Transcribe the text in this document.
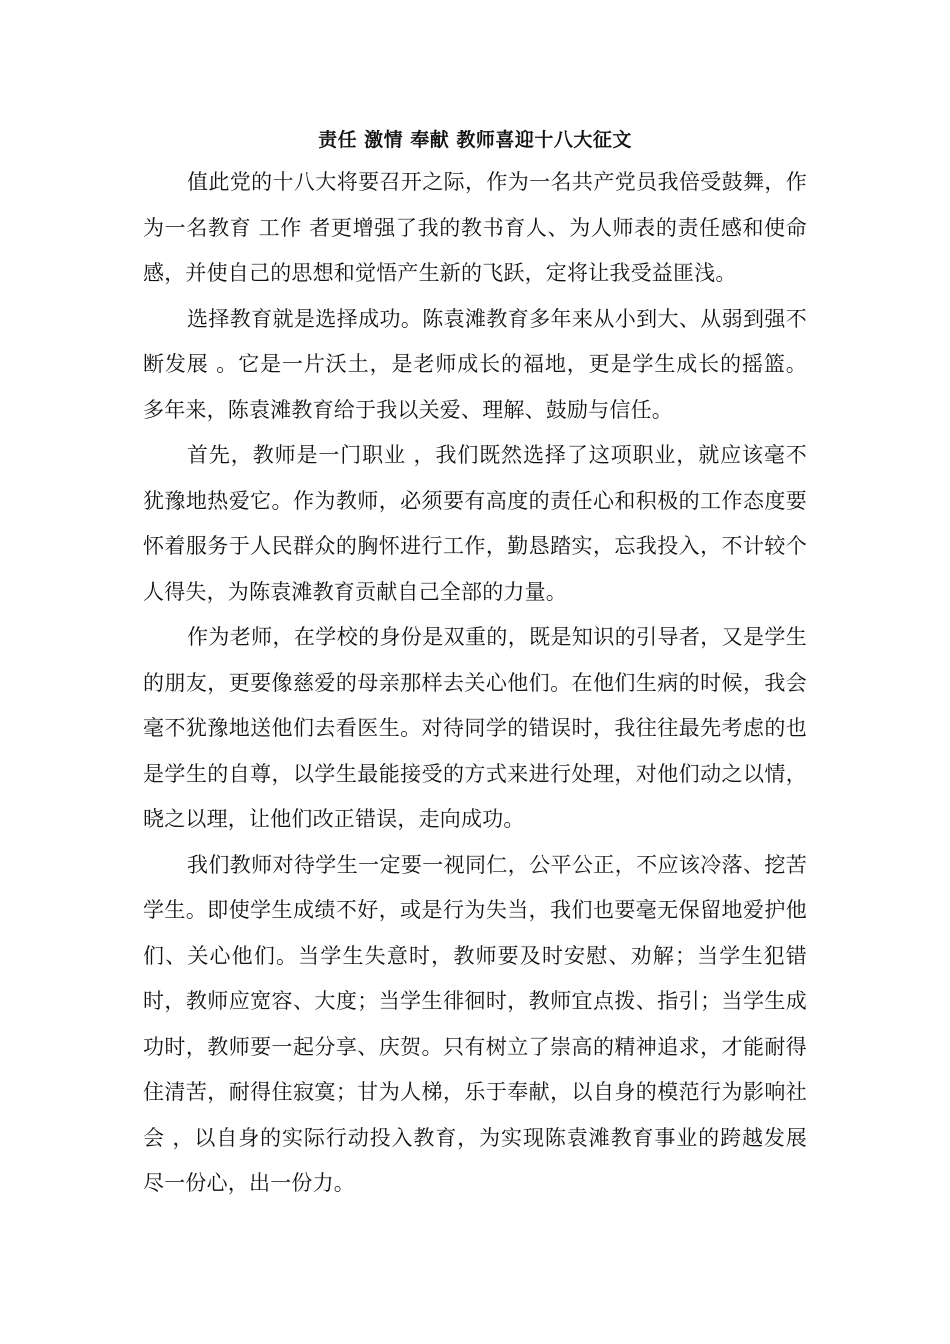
责任 激情 奉献 教师喜迎十八大征文

值此党的十八大将要召开之际，作为一名共产党员我倍受鼓舞，作为一名教育 工作 者更增强了我的教书育人、为人师表的责任感和使命感，并使自己的思想和觉悟产生新的飞跃，定将让我受益匪浅。

选择教育就是选择成功。陈袁滩教育多年来从小到大、从弱到强不断发展 。它是一片沃土，是老师成长的福地，更是学生成长的摇篮。多年来，陈袁滩教育给于我以关爱、理解、鼓励与信任。

首先，教师是一门职业 ，我们既然选择了这项职业，就应该毫不犹豫地热爱它。作为教师，必须要有高度的责任心和积极的工作态度要怀着服务于人民群众的胸怀进行工作，勤恳踏实，忘我投入，不计较个人得失，为陈袁滩教育贡献自己全部的力量。

作为老师，在学校的身份是双重的，既是知识的引导者，又是学生的朋友，更要像慈爱的母亲那样去关心他们。在他们生病的时候，我会毫不犹豫地送他们去看医生。对待同学的错误时，我往往最先考虑的也是学生的自尊，以学生最能接受的方式来进行处理，对他们动之以情，晓之以理，让他们改正错误，走向成功。

我们教师对待学生一定要一视同仁，公平公正，不应该冷落、挖苦学生。即使学生成绩不好，或是行为失当，我们也要毫无保留地爱护他们、关心他们。当学生失意时，教师要及时安慰、劝解；当学生犯错时，教师应宽容、大度；当学生徘徊时，教师宜点拨、指引；当学生成功时，教师要一起分享、庆贺。只有树立了崇高的精神追求，才能耐得住清苦，耐得住寂寞；甘为人梯，乐于奉献，以自身的模范行为影响社会 ，以自身的实际行动投入教育，为实现陈袁滩教育事业的跨越发展尽一份心，出一份力。
